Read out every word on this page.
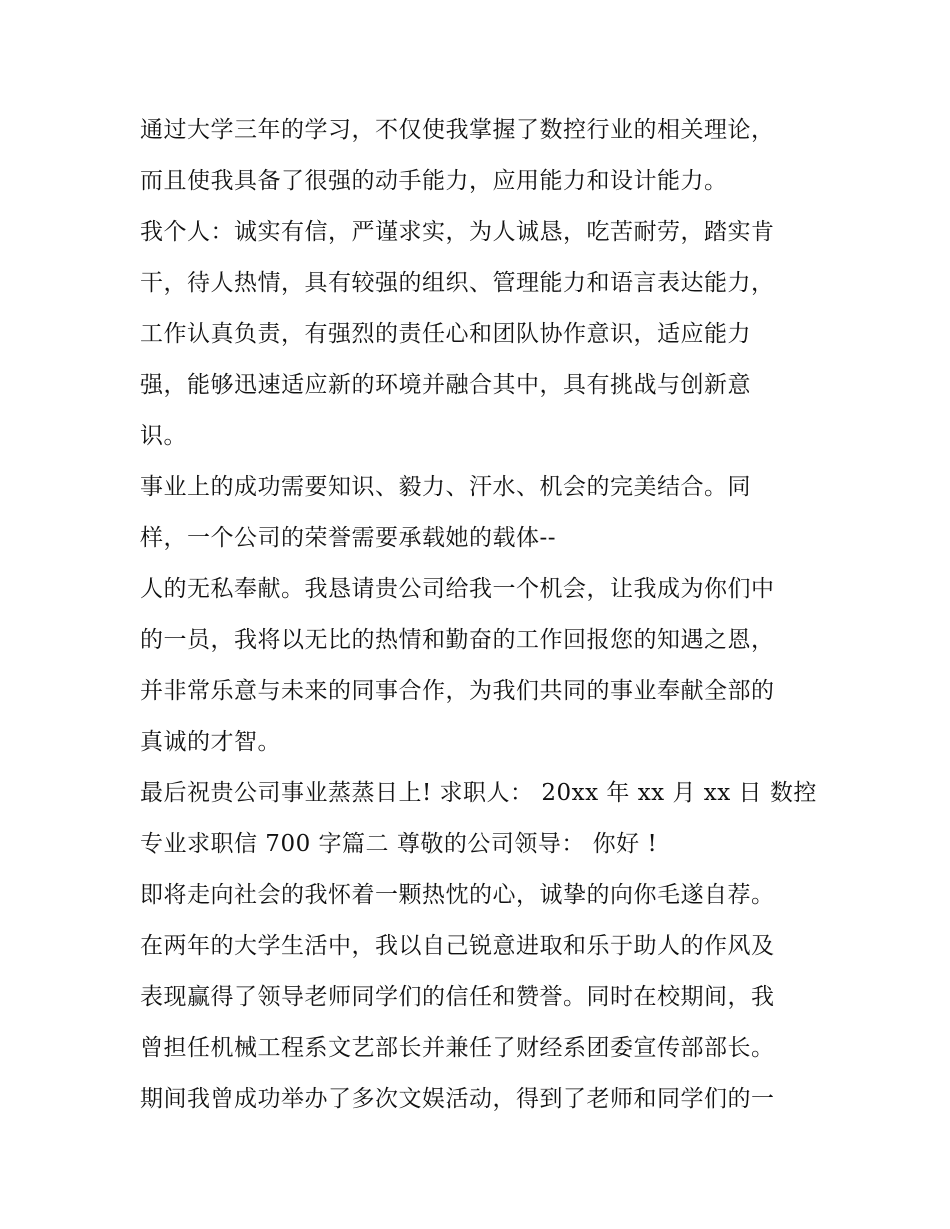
通过大学三年的学习，不仅使我掌握了数控行业的相关理论，
而且使我具备了很强的动手能力，应用能力和设计能力。
我个人：诚实有信，严谨求实，为人诚恳，吃苦耐劳，踏实肯
干，待人热情，具有较强的组织、管理能力和语言表达能力，
工作认真负责，有强烈的责任心和团队协作意识，适应能力
强，能够迅速适应新的环境并融合其中，具有挑战与创新意
识。
事业上的成功需要知识、毅力、汗水、机会的完美结合。同
样，一个公司的荣誉需要承载她的载体--
人的无私奉献。我恳请贵公司给我一个机会，让我成为你们中
的一员，我将以无比的热情和勤奋的工作回报您的知遇之恩，
并非常乐意与未来的同事合作，为我们共同的事业奉献全部的
真诚的才智。
最后祝贵公司事业蒸蒸日上! 求职人： 20xx 年 xx 月 xx 日 数控
专业求职信 700 字篇二 尊敬的公司领导： 你好 !
即将走向社会的我怀着一颗热忱的心，诚挚的向你毛遂自荐。
在两年的大学生活中，我以自己锐意进取和乐于助人的作风及
表现赢得了领导老师同学们的信任和赞誉。同时在校期间，我
曾担任机械工程系文艺部长并兼任了财经系团委宣传部部长。
期间我曾成功举办了多次文娱活动，得到了老师和同学们的一
